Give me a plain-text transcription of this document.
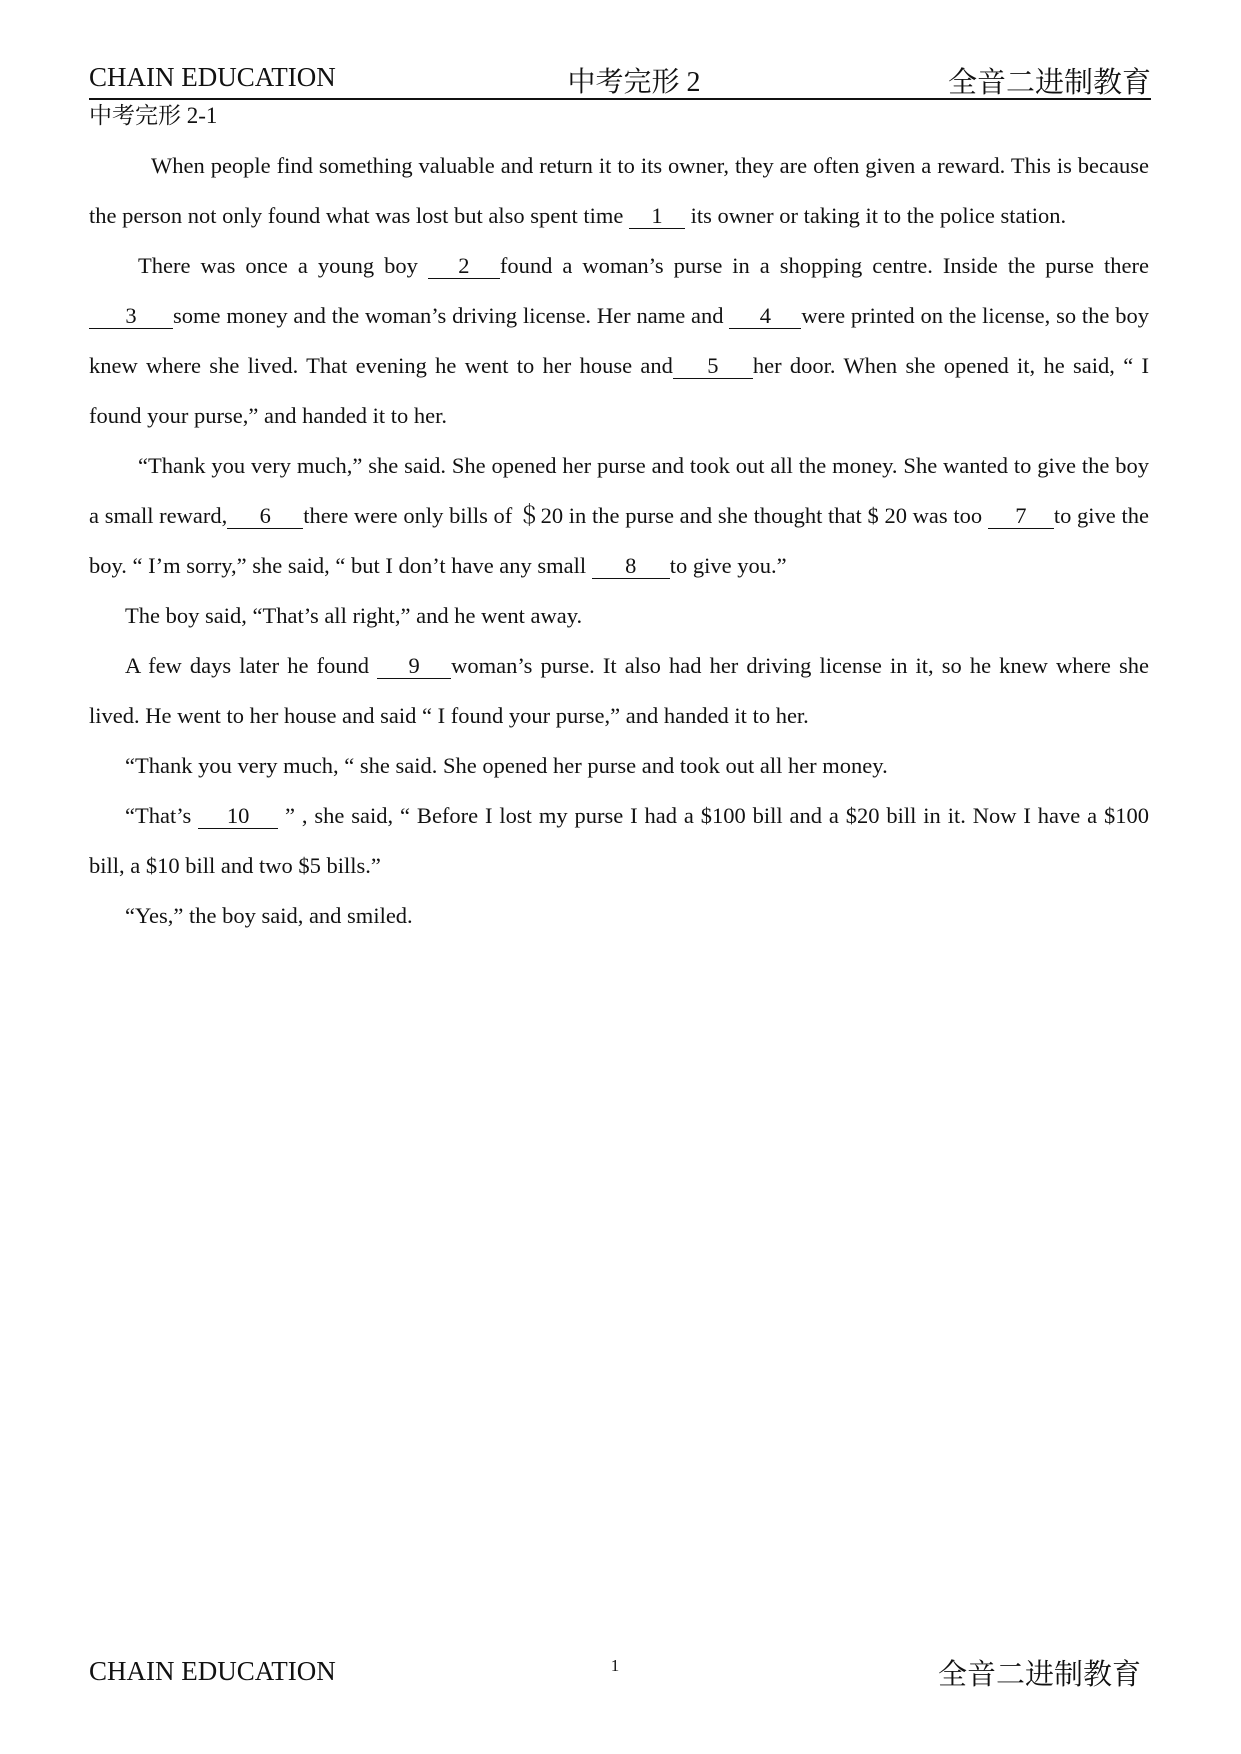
CHAIN EDUCATION	中考完形 2	全音二进制教育
中考完形 2-1

When people find something valuable and return it to its owner, they are often given a reward. This is because the person not only found what was lost but also spent time 1 its owner or taking it to the police station.

There was once a young boy 2 found a woman’s purse in a shopping centre. Inside the purse there3 some money and the woman’s driving license. Her name and 4 were printed on the license, so the boy knew where she lived. That evening he went to her house and 5 her door. When she opened it, he said, “ I found your purse,” and handed it to her.

“Thank you very much,” she said. She opened her purse and took out all the money. She wanted to give the boy a small reward, 6 there were only bills of ＄20 in the purse and she thought that $ 20 was too 7 to give the boy. “ I’m sorry,” she said, “ but I don’t have any small 8 to give you.”

The boy said, “That’s all right,” and he went away.

A few days later he found 9 woman’s purse. It also had her driving license in it, so he knew where she lived. He went to her house and said “ I found your purse,” and handed it to her.

“Thank you very much, “ she said. She opened her purse and took out all her money.

“That’s 10 ” , she said, “ Before I lost my purse I had a $100 bill and a $20 bill in it. Now I have a $100 bill, a $10 bill and two $5 bills.”

“Yes,” the boy said, and smiled.

CHAIN EDUCATION	1	全音二进制教育
